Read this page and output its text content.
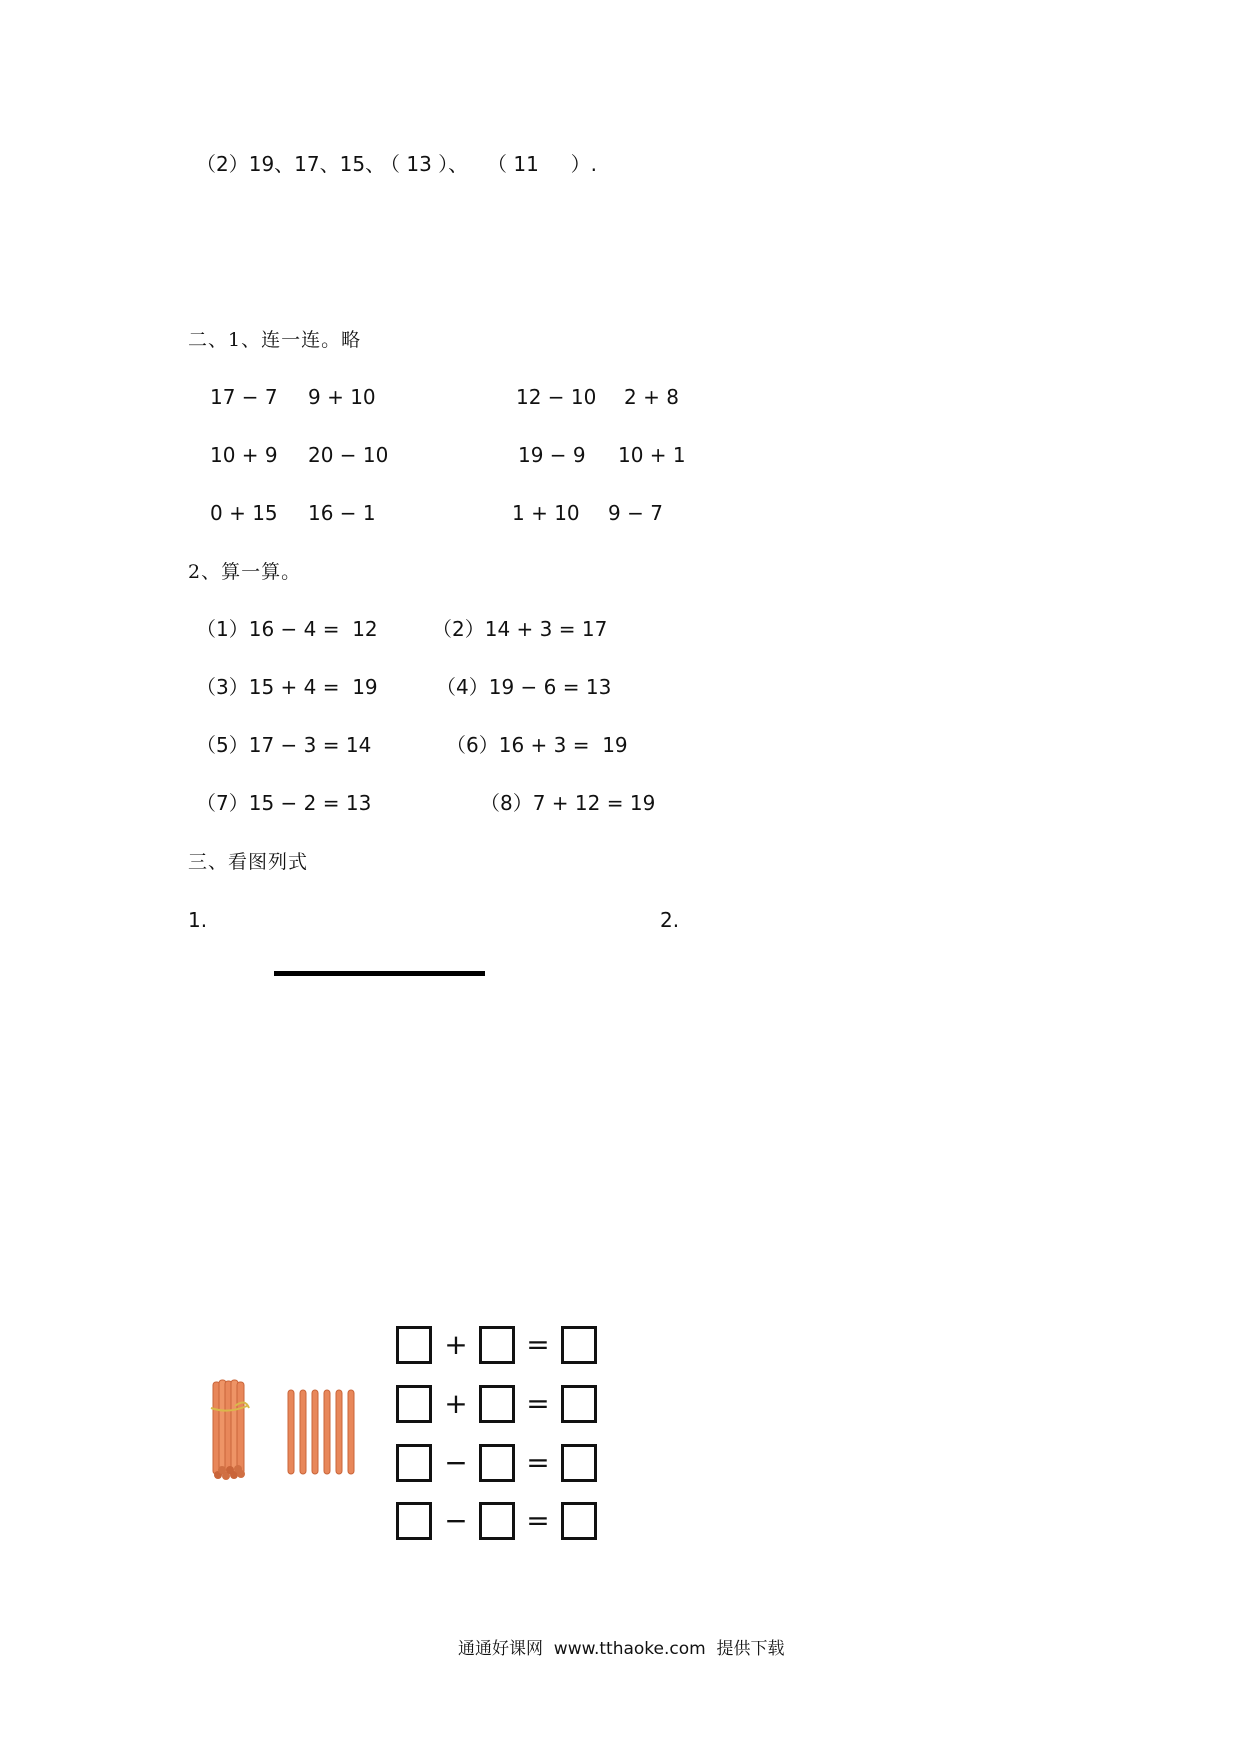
（2）19、17、15、
（ 13 ）、 （ 11     ）.
二、1、连一连。略
17 − 7 9 + 10	12 − 10 2 + 8
10 + 9 20 − 10	19 − 9 10 + 1
0 + 15 16 − 1	1 + 10 9 − 7
2、算一算。
（1）16 − 4 =  12	（2）14 + 3 = 17
（3）15 + 4 =  19	（4）19 − 6 = 13
（5）17 − 3 = 14	（6）16 + 3 =  19
（7）15 − 2 = 13	（8）7 + 12 = 19
三、看图列式
1.	2.
+ =
+ =
− =
− =
通通好课网  www.tthaoke.com  提供下载
